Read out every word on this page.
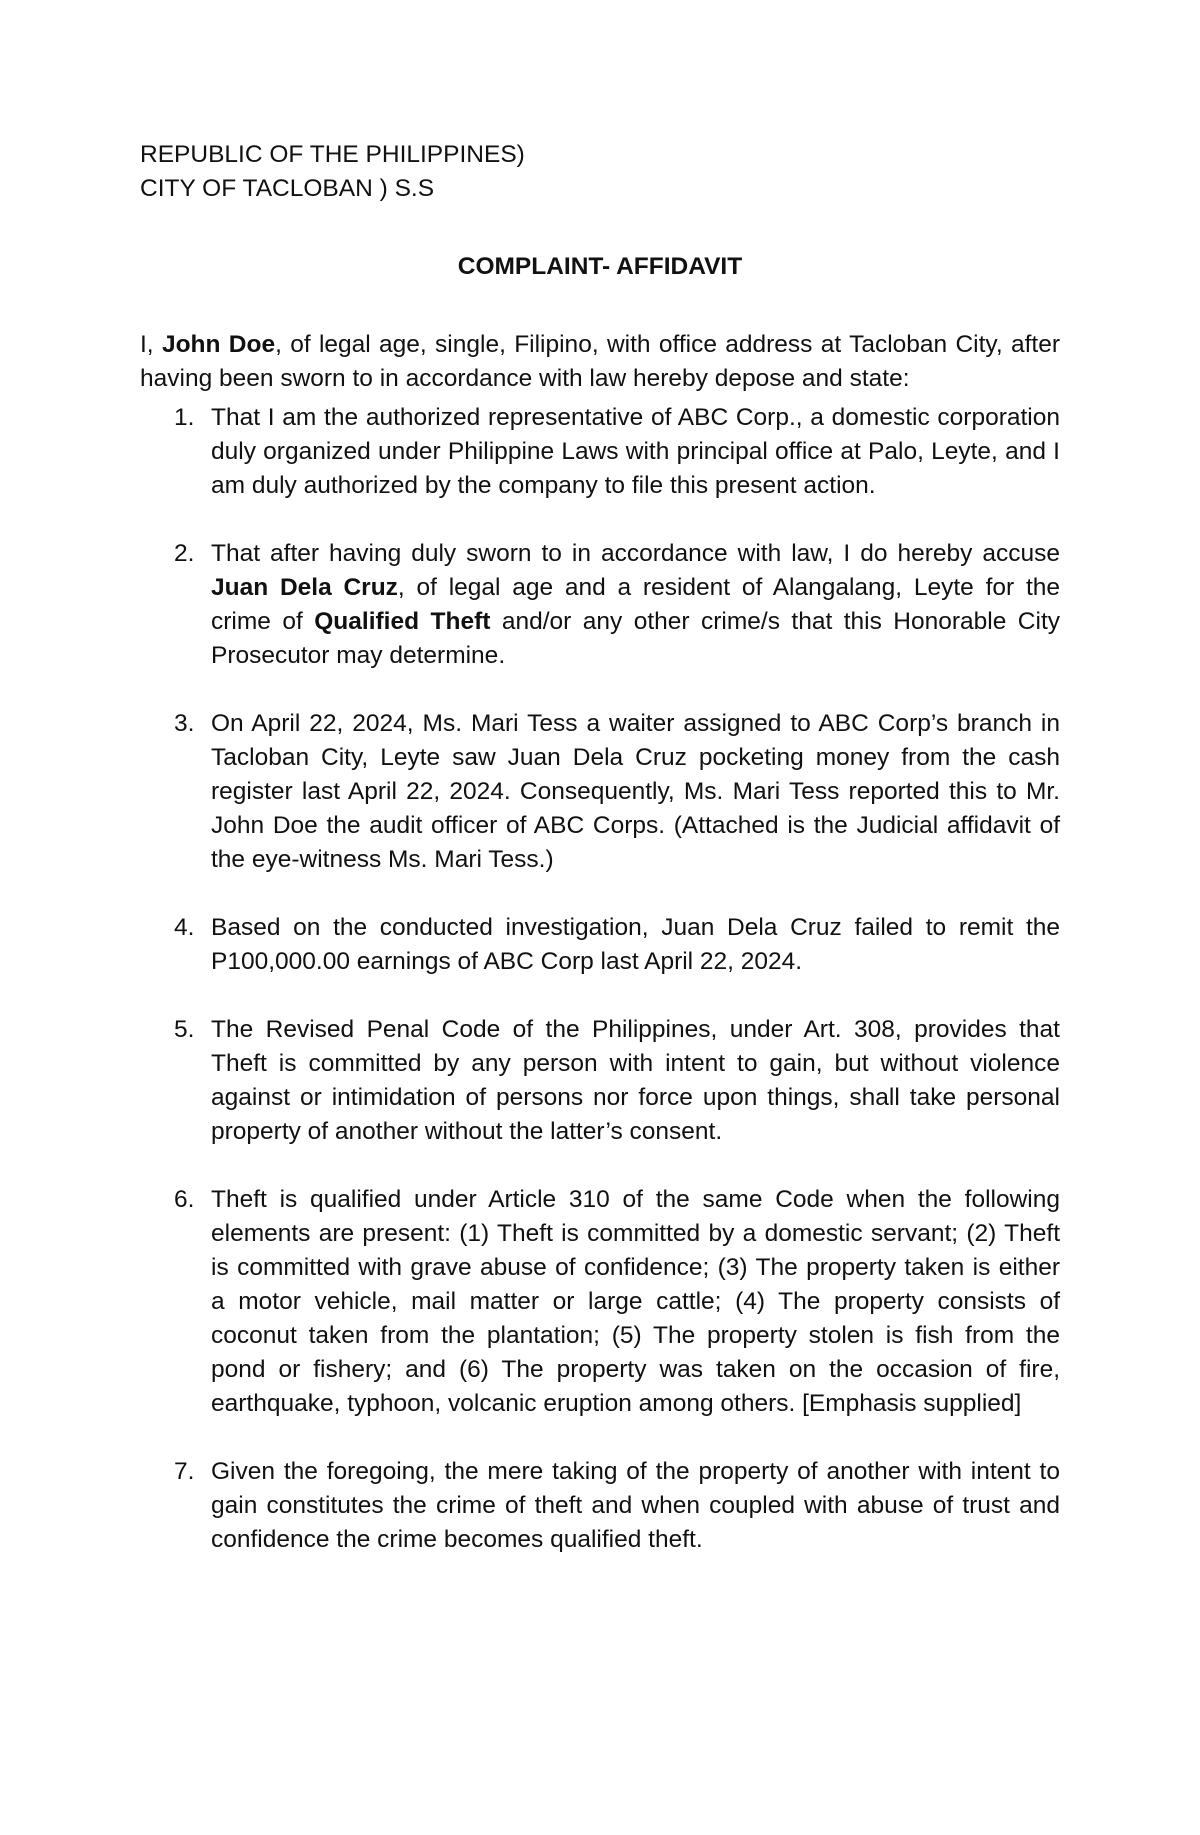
REPUBLIC OF THE PHILIPPINES)
CITY OF TACLOBAN ) S.S
COMPLAINT- AFFIDAVIT

I, John Doe, of legal age, single, Filipino, with office address at Tacloban City, after having been sworn to in accordance with law hereby depose and state:

1. That I am the authorized representative of ABC Corp., a domestic corporation duly organized under Philippine Laws with principal office at Palo, Leyte, and I am duly authorized by the company to file this present action.
2. That after having duly sworn to in accordance with law, I do hereby accuse Juan Dela Cruz, of legal age and a resident of Alangalang, Leyte for the crime of Qualified Theft and/or any other crime/s that this Honorable City Prosecutor may determine.
3. On April 22, 2024, Ms. Mari Tess a waiter assigned to ABC Corp’s branch in Tacloban City, Leyte saw Juan Dela Cruz pocketing money from the cash register last April 22, 2024. Consequently, Ms. Mari Tess reported this to Mr. John Doe the audit officer of ABC Corps. (Attached is the Judicial affidavit of the eye-witness Ms. Mari Tess.)
4. Based on the conducted investigation, Juan Dela Cruz failed to remit the P100,000.00 earnings of ABC Corp last April 22, 2024.
5. The Revised Penal Code of the Philippines, under Art. 308, provides that Theft is committed by any person with intent to gain, but without violence against or intimidation of persons nor force upon things, shall take personal property of another without the latter’s consent.
6. Theft is qualified under Article 310 of the same Code when the following elements are present: (1) Theft is committed by a domestic servant; (2) Theft is committed with grave abuse of confidence; (3) The property taken is either a motor vehicle, mail matter or large cattle; (4) The property consists of coconut taken from the plantation; (5) The property stolen is fish from the pond or fishery; and (6) The property was taken on the occasion of fire, earthquake, typhoon, volcanic eruption among others. [Emphasis supplied]
7. Given the foregoing, the mere taking of the property of another with intent to gain constitutes the crime of theft and when coupled with abuse of trust and confidence the crime becomes qualified theft.
